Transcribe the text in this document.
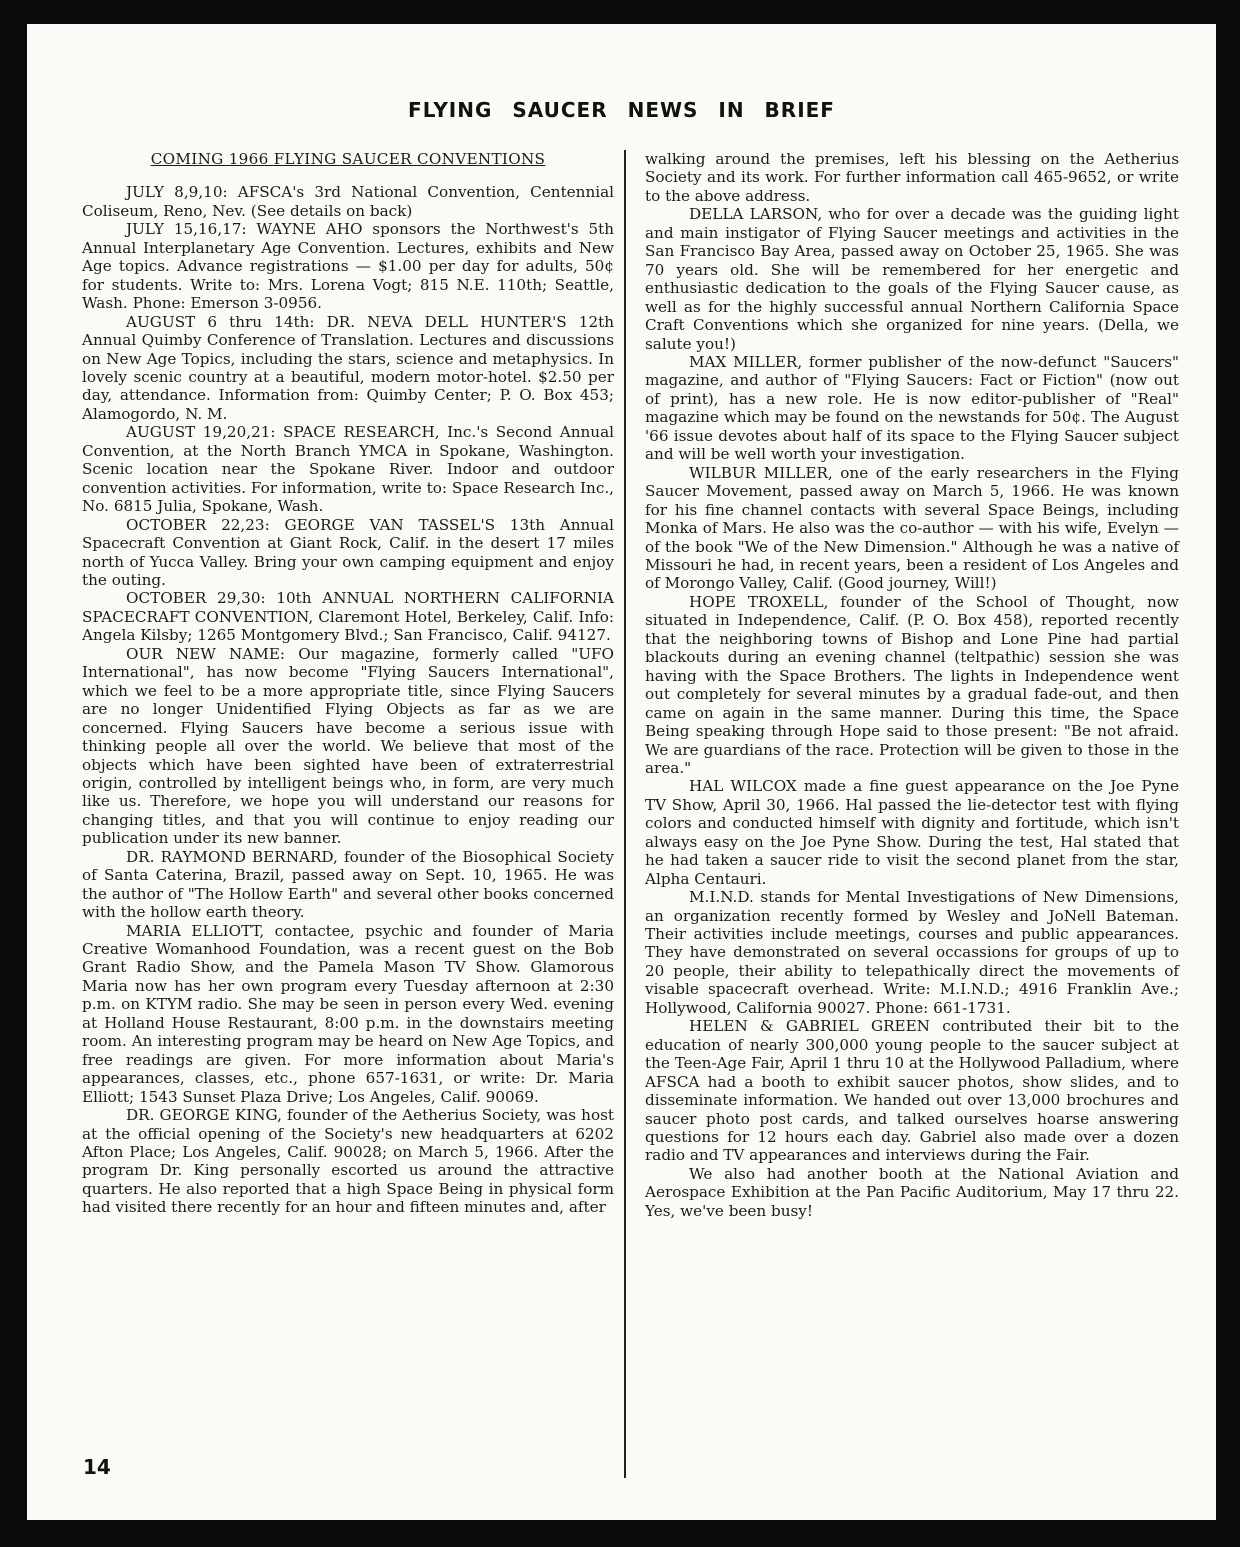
FLYING SAUCER NEWS IN BRIEF
COMING 1966 FLYING SAUCER CONVENTIONS

JULY 8,9,10: AFSCA's 3rd National Convention, Centennial Coliseum, Reno, Nev. (See details on back)

JULY 15,16,17: WAYNE AHO sponsors the Northwest's 5th Annual Interplanetary Age Convention. Lectures, exhibits and New Age topics. Advance registrations — $1.00 per day for adults, 50¢ for students. Write to: Mrs. Lorena Vogt; 815 N.E. 110th; Seattle, Wash. Phone: Emerson 3-0956.

AUGUST 6 thru 14th: DR. NEVA DELL HUNTER'S 12th Annual Quimby Conference of Translation. Lectures and discussions on New Age Topics, including the stars, science and metaphysics. In lovely scenic country at a beautiful, modern motor-hotel. $2.50 per day, attendance. Information from: Quimby Center; P. O. Box 453; Alamogordo, N. M.

AUGUST 19,20,21: SPACE RESEARCH, Inc.'s Second Annual Convention, at the North Branch YMCA in Spokane, Washington. Scenic location near the Spokane River. Indoor and outdoor convention activities. For information, write to: Space Research Inc., No. 6815 Julia, Spokane, Wash.

OCTOBER 22,23: GEORGE VAN TASSEL'S 13th Annual Spacecraft Convention at Giant Rock, Calif. in the desert 17 miles north of Yucca Valley. Bring your own camping equipment and enjoy the outing.

OCTOBER 29,30: 10th ANNUAL NORTHERN CALIFORNIA SPACECRAFT CONVENTION, Claremont Hotel, Berkeley, Calif. Info: Angela Kilsby; 1265 Montgomery Blvd.; San Francisco, Calif. 94127.

OUR NEW NAME: Our magazine, formerly called "UFO International", has now become "Flying Saucers International", which we feel to be a more appropriate title, since Flying Saucers are no longer Unidentified Flying Objects as far as we are concerned. Flying Saucers have become a serious issue with thinking people all over the world. We believe that most of the objects which have been sighted have been of extraterrestrial origin, controlled by intelligent beings who, in form, are very much like us. Therefore, we hope you will understand our reasons for changing titles, and that you will continue to enjoy reading our publication under its new banner.

DR. RAYMOND BERNARD, founder of the Biosophical Society of Santa Caterina, Brazil, passed away on Sept. 10, 1965. He was the author of "The Hollow Earth" and several other books concerned with the hollow earth theory.

MARIA ELLIOTT, contactee, psychic and founder of Maria Creative Womanhood Foundation, was a recent guest on the Bob Grant Radio Show, and the Pamela Mason TV Show. Glamorous Maria now has her own program every Tuesday afternoon at 2:30 p.m. on KTYM radio. She may be seen in person every Wed. evening at Holland House Restaurant, 8:00 p.m. in the downstairs meeting room. An interesting program may be heard on New Age Topics, and free readings are given. For more information about Maria's appearances, classes, etc., phone 657-1631, or write: Dr. Maria Elliott; 1543 Sunset Plaza Drive; Los Angeles, Calif. 90069.

DR. GEORGE KING, founder of the Aetherius Society, was host at the official opening of the Society's new headquarters at 6202 Afton Place; Los Angeles, Calif. 90028; on March 5, 1966. After the program Dr. King personally escorted us around the attractive quarters. He also reported that a high Space Being in physical form had visited there recently for an hour and fifteen minutes and, after

walking around the premises, left his blessing on the Aetherius Society and its work. For further information call 465-9652, or write to the above address.

DELLA LARSON, who for over a decade was the guiding light and main instigator of Flying Saucer meetings and activities in the San Francisco Bay Area, passed away on October 25, 1965. She was 70 years old. She will be remembered for her energetic and enthusiastic dedication to the goals of the Flying Saucer cause, as well as for the highly successful annual Northern California Space Craft Conventions which she organized for nine years. (Della, we salute you!)

MAX MILLER, former publisher of the now-defunct "Saucers" magazine, and author of "Flying Saucers: Fact or Fiction" (now out of print), has a new role. He is now editor-publisher of "Real" magazine which may be found on the newstands for 50¢. The August '66 issue devotes about half of its space to the Flying Saucer subject and will be well worth your investigation.

WILBUR MILLER, one of the early researchers in the Flying Saucer Movement, passed away on March 5, 1966. He was known for his fine channel contacts with several Space Beings, including Monka of Mars. He also was the co-author — with his wife, Evelyn — of the book "We of the New Dimension." Although he was a native of Missouri he had, in recent years, been a resident of Los Angeles and of Morongo Valley, Calif. (Good journey, Will!)

HOPE TROXELL, founder of the School of Thought, now situated in Independence, Calif. (P. O. Box 458), reported recently that the neighboring towns of Bishop and Lone Pine had partial blackouts during an evening channel (teltpathic) session she was having with the Space Brothers. The lights in Independence went out completely for several minutes by a gradual fade-out, and then came on again in the same manner. During this time, the Space Being speaking through Hope said to those present: "Be not afraid. We are guardians of the race. Protection will be given to those in the area."

HAL WILCOX made a fine guest appearance on the Joe Pyne TV Show, April 30, 1966. Hal passed the lie-detector test with flying colors and conducted himself with dignity and fortitude, which isn't always easy on the Joe Pyne Show. During the test, Hal stated that he had taken a saucer ride to visit the second planet from the star, Alpha Centauri.

M.I.N.D. stands for Mental Investigations of New Dimensions, an organization recently formed by Wesley and JoNell Bateman. Their activities include meetings, courses and public appearances. They have demonstrated on several occassions for groups of up to 20 people, their ability to telepathically direct the movements of visable spacecraft overhead. Write: M.I.N.D.; 4916 Franklin Ave.; Hollywood, California 90027. Phone: 661-1731.

HELEN & GABRIEL GREEN contributed their bit to the education of nearly 300,000 young people to the saucer subject at the Teen-Age Fair, April 1 thru 10 at the Hollywood Palladium, where AFSCA had a booth to exhibit saucer photos, show slides, and to disseminate information. We handed out over 13,000 brochures and saucer photo post cards, and talked ourselves hoarse answering questions for 12 hours each day. Gabriel also made over a dozen radio and TV appearances and interviews during the Fair.

We also had another booth at the National Aviation and Aerospace Exhibition at the Pan Pacific Auditorium, May 17 thru 22. Yes, we've been busy!

14
